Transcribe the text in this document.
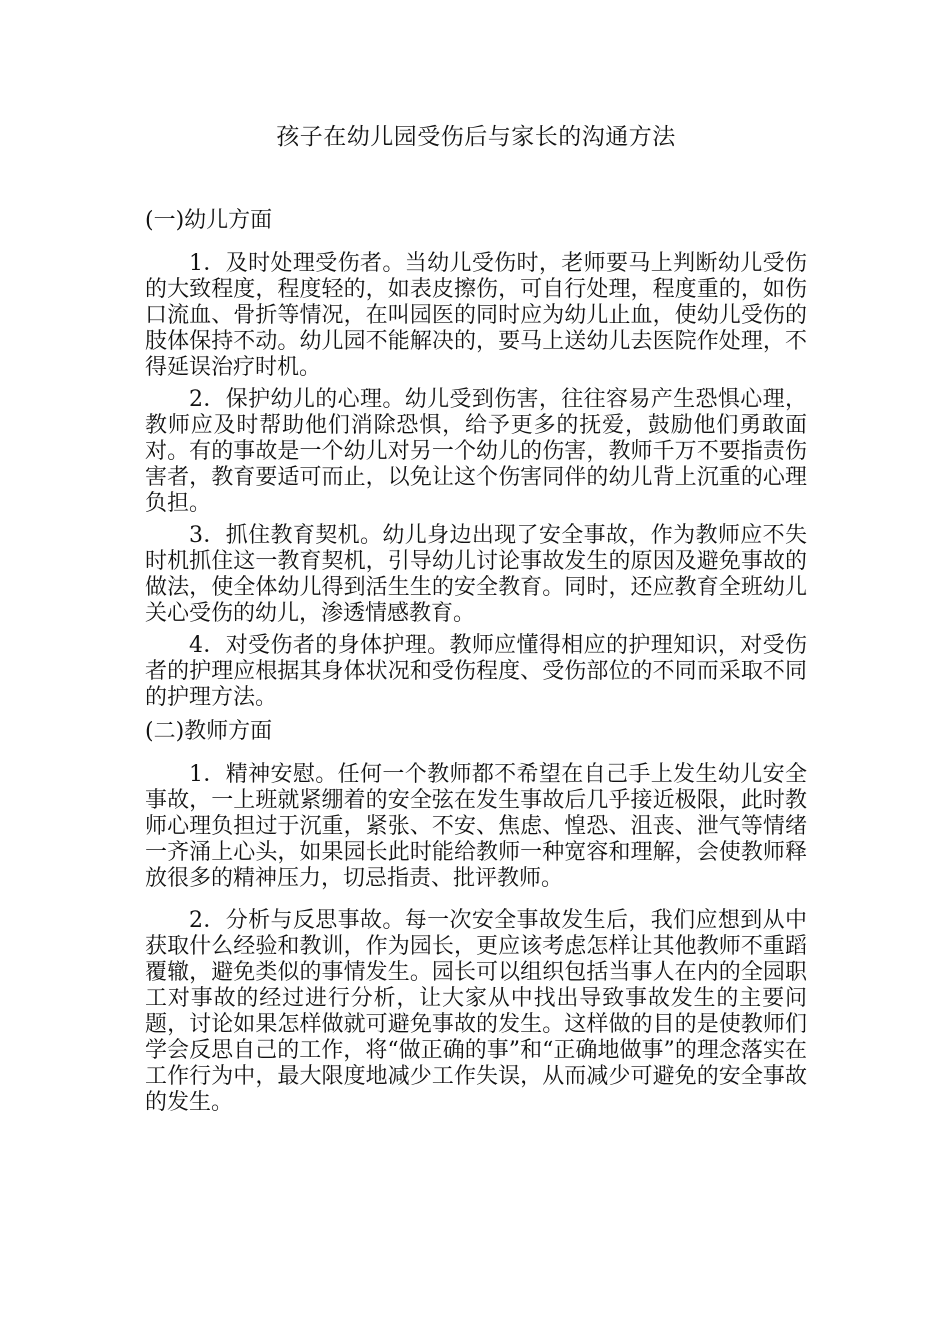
孩子在幼儿园受伤后与家长的沟通方法
(一)幼儿方面

1．及时处理受伤者。当幼儿受伤时，老师要马上判断幼儿受伤的大致程度，程度轻的，如表皮擦伤，可自行处理，程度重的，如伤口流血、骨折等情况，在叫园医的同时应为幼儿止血，使幼儿受伤的肢体保持不动。幼儿园不能解决的，要马上送幼儿去医院作处理，不得延误治疗时机。

2．保护幼儿的心理。幼儿受到伤害，往往容易产生恐惧心理，教师应及时帮助他们消除恐惧，给予更多的抚爱，鼓励他们勇敢面对。有的事故是一个幼儿对另一个幼儿的伤害，教师千万不要指责伤害者，教育要适可而止，以免让这个伤害同伴的幼儿背上沉重的心理负担。

3．抓住教育契机。幼儿身边出现了安全事故，作为教师应不失时机抓住这一教育契机，引导幼儿讨论事故发生的原因及避免事故的做法，使全体幼儿得到活生生的安全教育。同时，还应教育全班幼儿关心受伤的幼儿，渗透情感教育。

4．对受伤者的身体护理。教师应懂得相应的护理知识，对受伤者的护理应根据其身体状况和受伤程度、受伤部位的不同而采取不同的护理方法。

(二)教师方面

1．精神安慰。任何一个教师都不希望在自己手上发生幼儿安全事故，一上班就紧绷着的安全弦在发生事故后几乎接近极限，此时教师心理负担过于沉重，紧张、不安、焦虑、惶恐、沮丧、泄气等情绪一齐涌上心头，如果园长此时能给教师一种宽容和理解，会使教师释放很多的精神压力，切忌指责、批评教师。

2．分析与反思事故。每一次安全事故发生后，我们应想到从中获取什么经验和教训，作为园长，更应该考虑怎样让其他教师不重蹈覆辙，避免类似的事情发生。园长可以组织包括当事人在内的全园职工对事故的经过进行分析，让大家从中找出导致事故发生的主要问题，讨论如果怎样做就可避免事故的发生。这样做的目的是使教师们学会反思自己的工作，将“做正确的事”和“正确地做事”的理念落实在工作行为中，最大限度地减少工作失误，从而减少可避免的安全事故的发生。
